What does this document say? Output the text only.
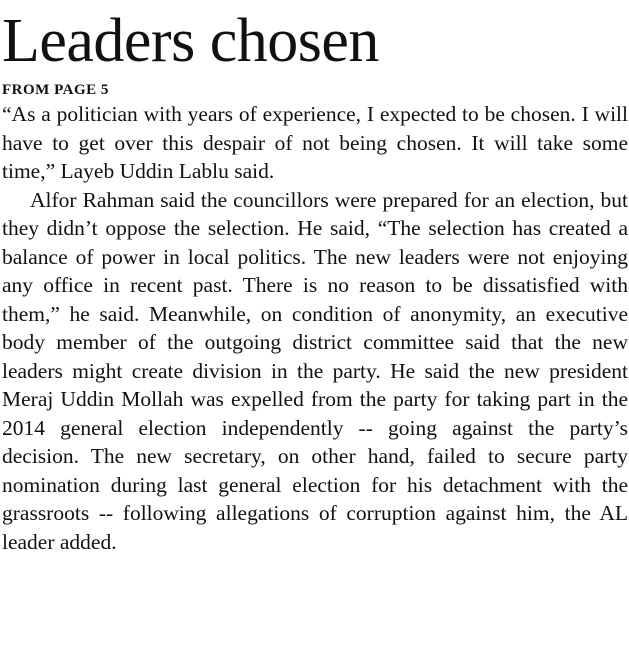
Leaders chosen
FROM PAGE 5

“As a politician with years of experience, I expected to be chosen. I will have to get over this despair of not being chosen. It will take some time,” Layeb Uddin Lablu said.

Alfor Rahman said the councillors were prepared for an election, but they didn’t oppose the selection. He said, “The selection has created a balance of power in local politics. The new leaders were not enjoying any office in recent past. There is no reason to be dissatisfied with them,” he said. Meanwhile, on condition of anonymity, an executive body member of the outgoing district committee said that the new leaders might create division in the party. He said the new president Meraj Uddin Mollah was expelled from the party for taking part in the 2014 general election independently -- going against the party’s decision. The new secretary, on other hand, failed to secure party nomination during last general election for his detachment with the grassroots -- following allegations of corruption against him, the AL leader added.
